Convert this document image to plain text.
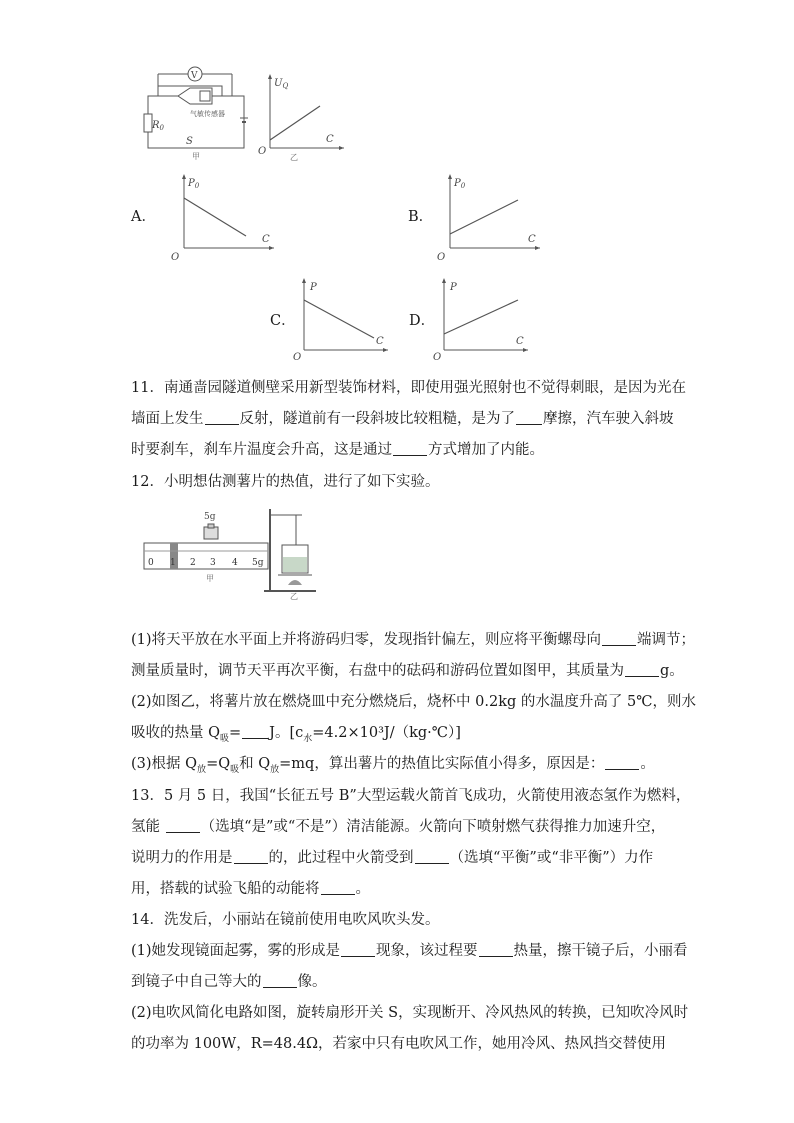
V
气敏传感器
$R_0$
S
甲
$U_Q$
C
O
乙
A．
$P_0$
C
O
B．
$P_0$
C
O
C．
P
C
O
D．
P
C
O
11．南通啬园隧道侧壁采用新型装饰材料，即使用强光照射也不觉得刺眼，是因为光在
墙面上发生 反射，隧道前有一段斜坡比较粗糙，是为了 摩擦，汽车驶入斜坡
时要刹车，刹车片温度会升高，这是通过 方式增加了内能。
12．小明想估测薯片的热值，进行了如下实验。
5g
0 1 2 3 4 5g
甲
乙
(1)将天平放在水平面上并将游码归零，发现指针偏左，则应将平衡螺母向 端调节；
测量质量时，调节天平再次平衡，右盘中的砝码和游码位置如图甲，其质量为 g。
(2)如图乙，将薯片放在燃烧皿中充分燃烧后，烧杯中 0.2kg 的水温度升高了 5℃，则水
吸收的热量 $Q_吸= J$。$[c_水=4.2\times 10^3J/(kg\cdot℃)]$
(3)根据 $Q_放=Q_吸$和 $Q_放=mq$，算出薯片的热值比实际值小得多，原因是： 。
13．5 月 5 日，我国“长征五号 B”大型运载火箭首飞成功，火箭使用液态氢作为燃料，
氢能 （选填“是”或“不是”）清洁能源。火箭向下喷射燃气获得推力加速升空，
说明力的作用是 的，此过程中火箭受到 （选填“平衡”或“非平衡”）力作
用，搭载的试验飞船的动能将 。
14．洗发后，小丽站在镜前使用电吹风吹头发。
(1)她发现镜面起雾，雾的形成是 现象，该过程要 热量，擦干镜子后，小丽看
到镜子中自己等大的 像。
(2)电吹风简化电路如图，旋转扇形开关 S，实现断开、冷风热风的转换，已知吹冷风时
的功率为 100W，R=48.4Ω，若家中只有电吹风工作，她用冷风、热风挡交替使用
